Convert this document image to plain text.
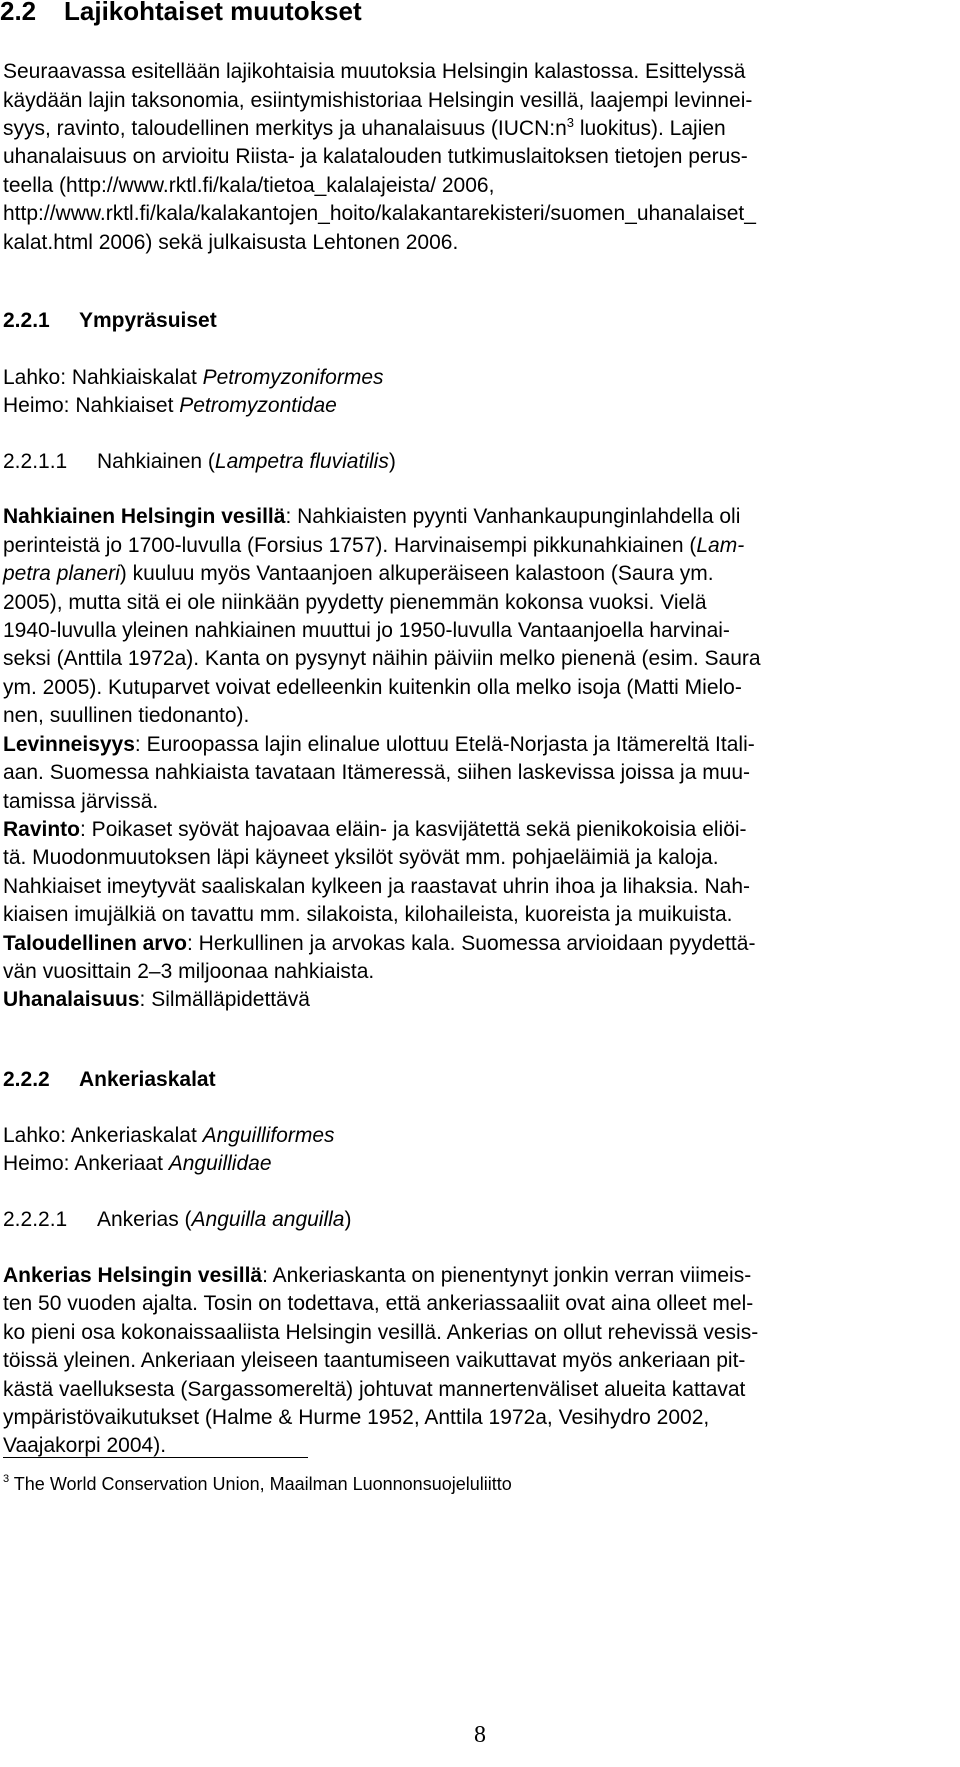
2.2 Lajikohtaiset muutokset
Seuraavassa esitellään lajikohtaisia muutoksia Helsingin kalastossa. Esittelyssä
käydään lajin taksonomia, esiintymishistoriaa Helsingin vesillä, laajempi levinnei-
syys, ravinto, taloudellinen merkitys ja uhanalaisuus ($IUCN:n^3$ luokitus). Lajien
uhanalaisuus on arvioitu Riista- ja kalatalouden tutkimuslaitoksen tietojen perus-
teella (http://www.rktl.fi/kala/tietoa_kalalajeista/ 2006,
http://www.rktl.fi/kala/kalakantojen_hoito/kalakantarekisteri/suomen_uhanalaiset_
kalat.html 2006) sekä julkaisusta Lehtonen 2006.
2.2.1 Ympyräsuiset
Lahko: Nahkiaiskalat Petromyzoniformes
Heimo: Nahkiaiset Petromyzontidae
2.2.1.1 Nahkiainen (Lampetra fluviatilis)
Nahkiainen Helsingin vesillä: Nahkiaisten pyynti Vanhankaupunginlahdella oli
perinteistä jo 1700-luvulla (Forsius 1757). Harvinaisempi pikkunahkiainen (Lam-
petra planeri) kuuluu myös Vantaanjoen alkuperäiseen kalastoon (Saura ym.
2005), mutta sitä ei ole niinkään pyydetty pienemmän kokonsa vuoksi. Vielä
1940-luvulla yleinen nahkiainen muuttui jo 1950-luvulla Vantaanjoella harvinai-
seksi (Anttila 1972a). Kanta on pysynyt näihin päiviin melko pienenä (esim. Saura
ym. 2005). Kutuparvet voivat edelleenkin kuitenkin olla melko isoja (Matti Mielo-
nen, suullinen tiedonanto).
Levinneisyys: Euroopassa lajin elinalue ulottuu Etelä-Norjasta ja Itämereltä Itali-
aan. Suomessa nahkiaista tavataan Itämeressä, siihen laskevissa joissa ja muu-
tamissa järvissä.
Ravinto: Poikaset syövät hajoavaa eläin- ja kasvijätettä sekä pienikokoisia eliöi-
tä. Muodonmuutoksen läpi käyneet yksilöt syövät mm. pohjaeläimiä ja kaloja.
Nahkiaiset imeytyvät saaliskalan kylkeen ja raastavat uhrin ihoa ja lihaksia. Nah-
kiaisen imujälkiä on tavattu mm. silakoista, kilohaileista, kuoreista ja muikuista.
Taloudellinen arvo: Herkullinen ja arvokas kala. Suomessa arvioidaan pyydettä-
vän vuosittain 2–3 miljoonaa nahkiaista.
Uhanalaisuus: Silmälläpidettävä
2.2.2 Ankeriaskalat
Lahko: Ankeriaskalat Anguilliformes
Heimo: Ankeriaat Anguillidae
2.2.2.1 Ankerias (Anguilla anguilla)
Ankerias Helsingin vesillä: Ankeriaskanta on pienentynyt jonkin verran viimeis-
ten 50 vuoden ajalta. Tosin on todettava, että ankeriassaaliit ovat aina olleet mel-
ko pieni osa kokonaissaaliista Helsingin vesillä. Ankerias on ollut rehevissä vesis-
töissä yleinen. Ankeriaan yleiseen taantumiseen vaikuttavat myös ankeriaan pit-
kästä vaelluksesta (Sargassomereltä) johtuvat mannertenväliset alueita kattavat
ympäristövaikutukset (Halme & Hurme 1952, Anttila 1972a, Vesihydro 2002,
Vaajakorpi 2004).
$^3$ The World Conservation Union, Maailman Luonnonsuojeluliitto
8
